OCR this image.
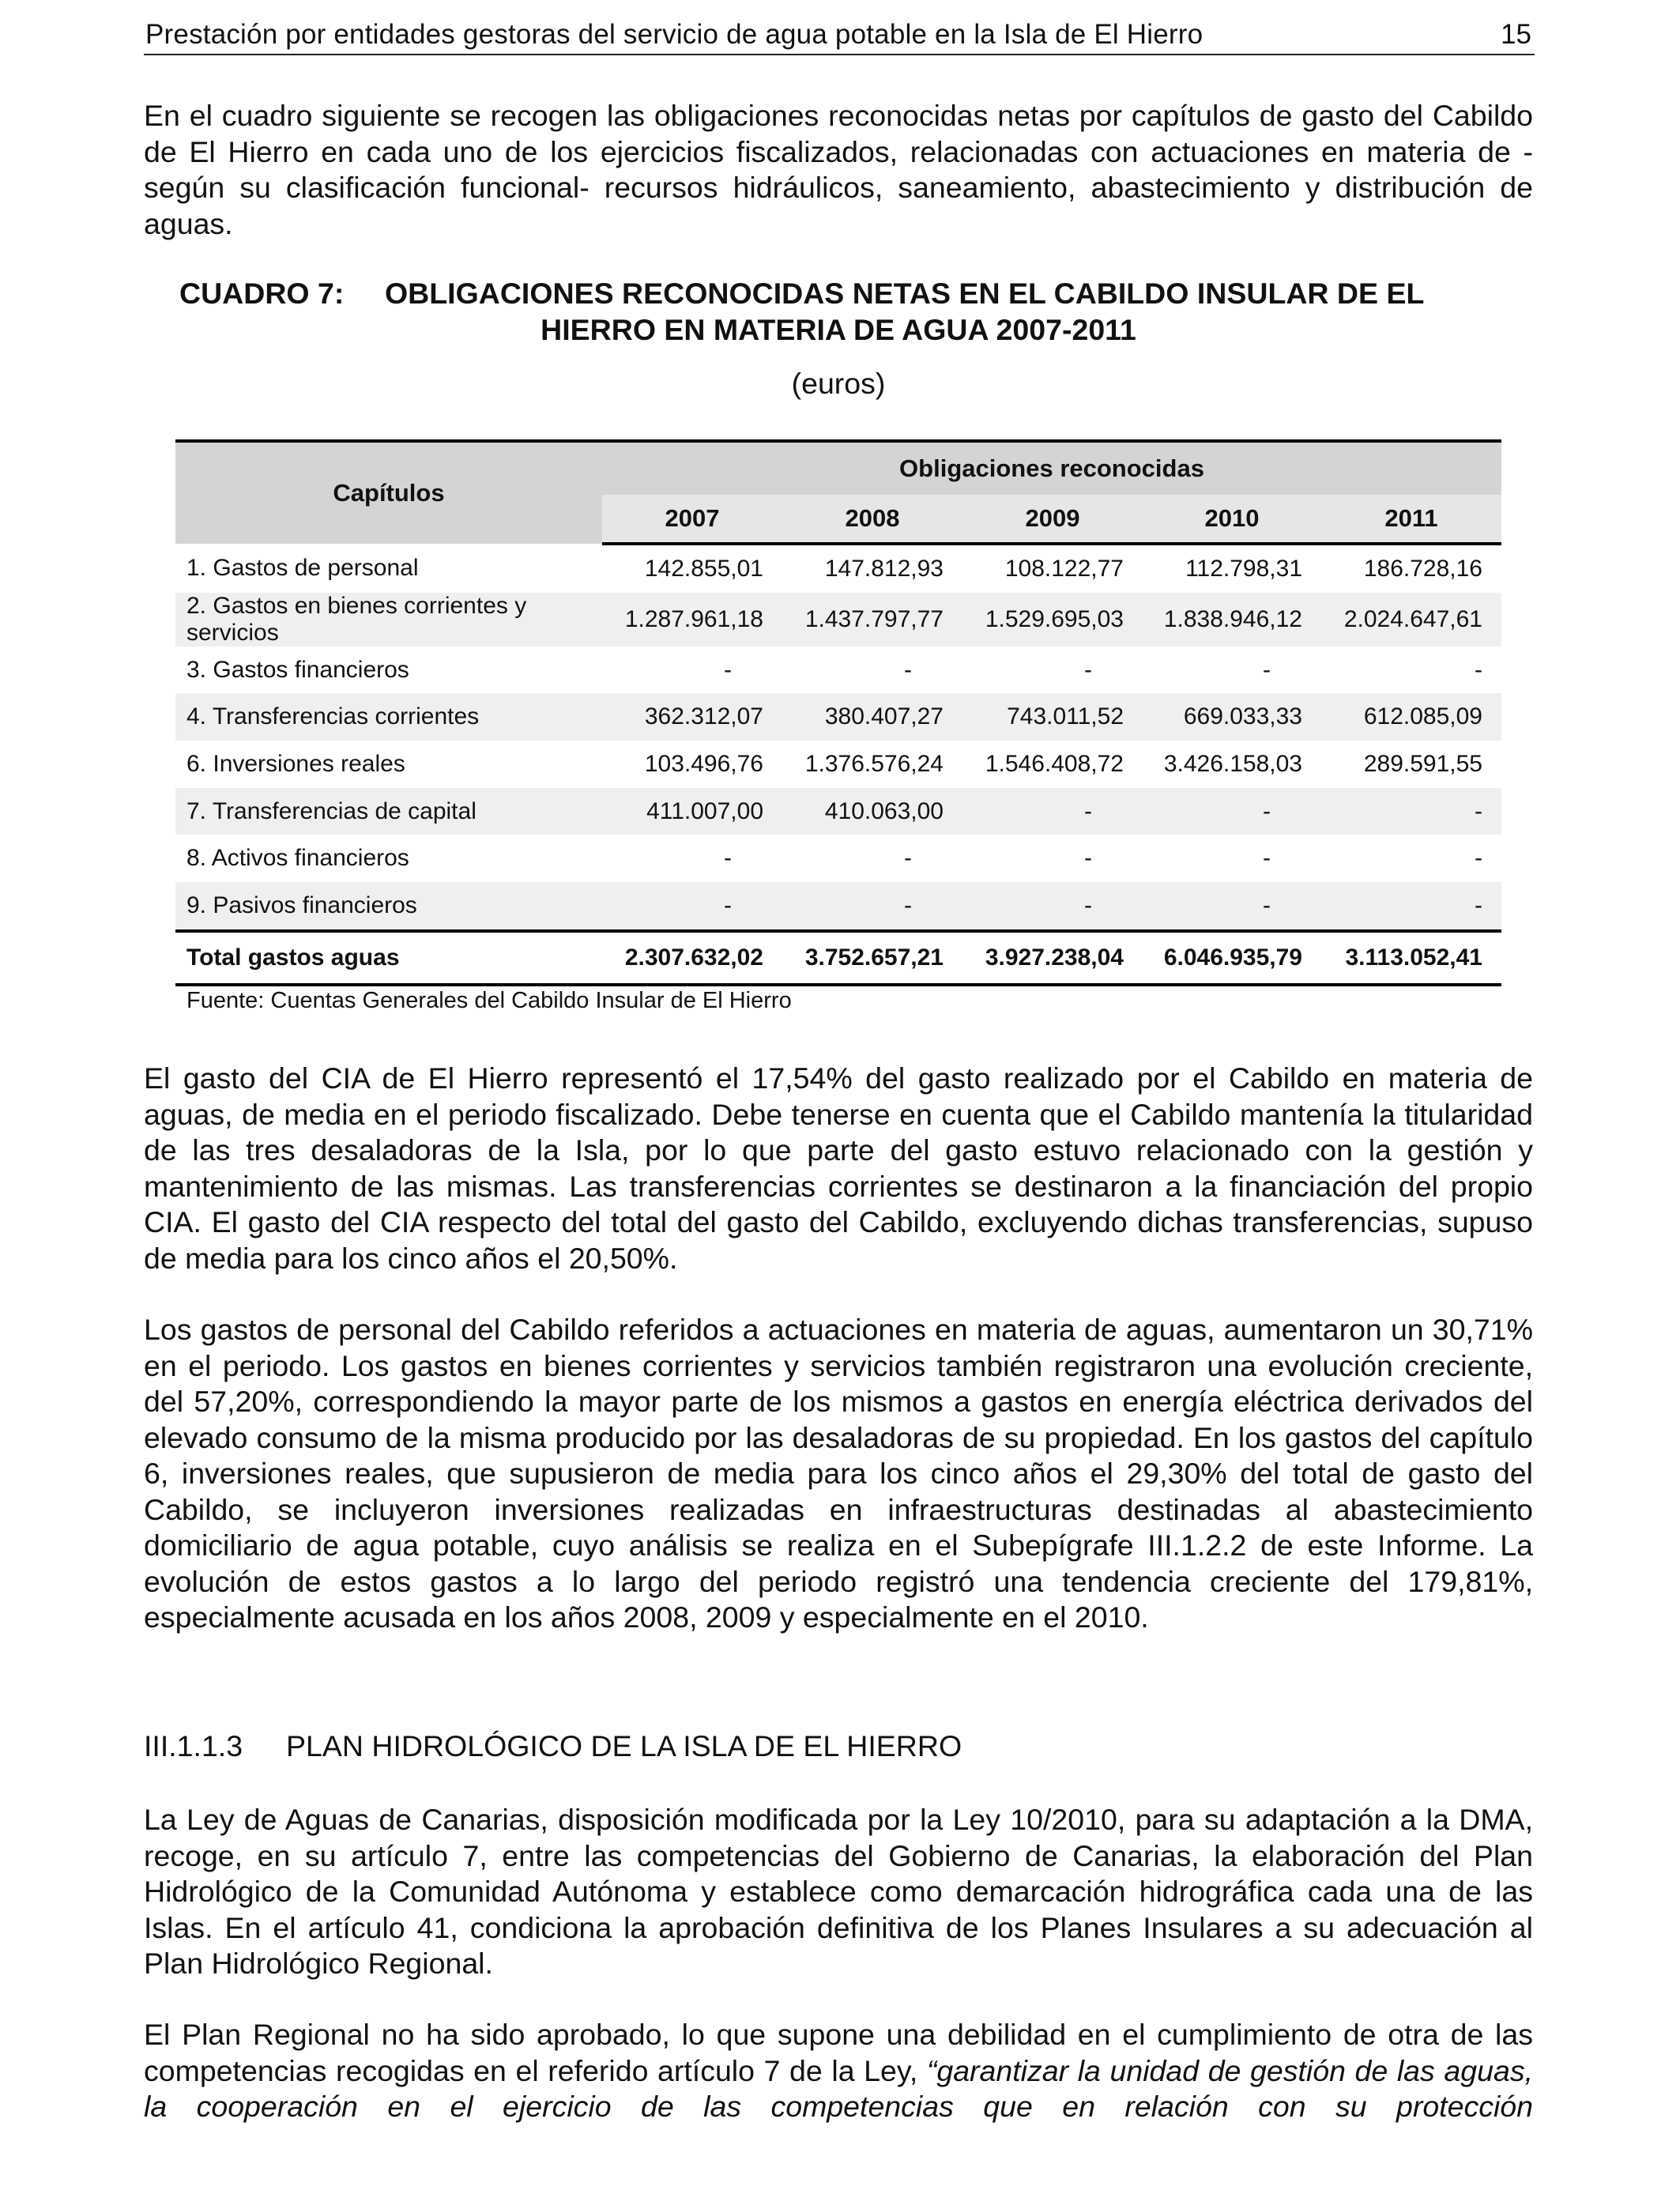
Prestación por entidades gestoras del servicio de agua potable en la Isla de El Hierro	15

En el cuadro siguiente se recogen las obligaciones reconocidas netas por capítulos de gasto del Cabildo de El Hierro en cada uno de los ejercicios fiscalizados, relacionadas con actuaciones en materia de -según su clasificación funcional- recursos hidráulicos, saneamiento, abastecimiento y distribución de aguas.

CUADRO 7: OBLIGACIONES RECONOCIDAS NETAS EN EL CABILDO INSULAR DE EL
HIERRO EN MATERIA DE AGUA 2007-2011
(euros)
Capítulos	Obligaciones reconocidas				
	2007	2008	2009	2010	2011
1. Gastos de personal	142.855,01	147.812,93	108.122,77	112.798,31	186.728,16
2. Gastos en bienes corrientes y servicios	1.287.961,18	1.437.797,77	1.529.695,03	1.838.946,12	2.024.647,61
3. Gastos financieros	-	-	-	-	-
4. Transferencias corrientes	362.312,07	380.407,27	743.011,52	669.033,33	612.085,09
6. Inversiones reales	103.496,76	1.376.576,24	1.546.408,72	3.426.158,03	289.591,55
7. Transferencias de capital	411.007,00	410.063,00	-	-	-
8. Activos financieros	-	-	-	-	-
9. Pasivos financieros	-	-	-	-	-
Total gastos aguas	2.307.632,02	3.752.657,21	3.927.238,04	6.046.935,79	3.113.052,41
Fuente: Cuentas Generales del Cabildo Insular de El Hierro

El gasto del CIA de El Hierro representó el 17,54% del gasto realizado por el Cabildo en materia de aguas, de media en el periodo fiscalizado. Debe tenerse en cuenta que el Cabildo mantenía la titularidad de las tres desaladoras de la Isla, por lo que parte del gasto estuvo relacionado con la gestión y mantenimiento de las mismas. Las transferencias corrientes se destinaron a la financiación del propio CIA. El gasto del CIA respecto del total del gasto del Cabildo, excluyendo dichas transferencias, supuso de media para los cinco años el 20,50%.

Los gastos de personal del Cabildo referidos a actuaciones en materia de aguas, aumentaron un 30,71% en el periodo. Los gastos en bienes corrientes y servicios también registraron una evolución creciente, del 57,20%, correspondiendo la mayor parte de los mismos a gastos en energía eléctrica derivados del elevado consumo de la misma producido por las desaladoras de su propiedad. En los gastos del capítulo 6, inversiones reales, que supusieron de media para los cinco años el 29,30% del total de gasto del Cabildo, se incluyeron inversiones realizadas en infraestructuras destinadas al abastecimiento domiciliario de agua potable, cuyo análisis se realiza en el Subepígrafe III.1.2.2 de este Informe. La evolución de estos gastos a lo largo del periodo registró una tendencia creciente del 179,81%, especialmente acusada en los años 2008, 2009 y especialmente en el 2010.

III.1.1.3 PLAN HIDROLÓGICO DE LA ISLA DE EL HIERRO

La Ley de Aguas de Canarias, disposición modificada por la Ley 10/2010, para su adaptación a la DMA, recoge, en su artículo 7, entre las competencias del Gobierno de Canarias, la elaboración del Plan Hidrológico de la Comunidad Autónoma y establece como demarcación hidrográfica cada una de las Islas. En el artículo 41, condiciona la aprobación definitiva de los Planes Insulares a su adecuación al Plan Hidrológico Regional.

El Plan Regional no ha sido aprobado, lo que supone una debilidad en el cumplimiento de otra de las competencias recogidas en el referido artículo 7 de la Ley, “garantizar la unidad de gestión de las aguas, la cooperación en el ejercicio de las competencias que en relación con su protección
